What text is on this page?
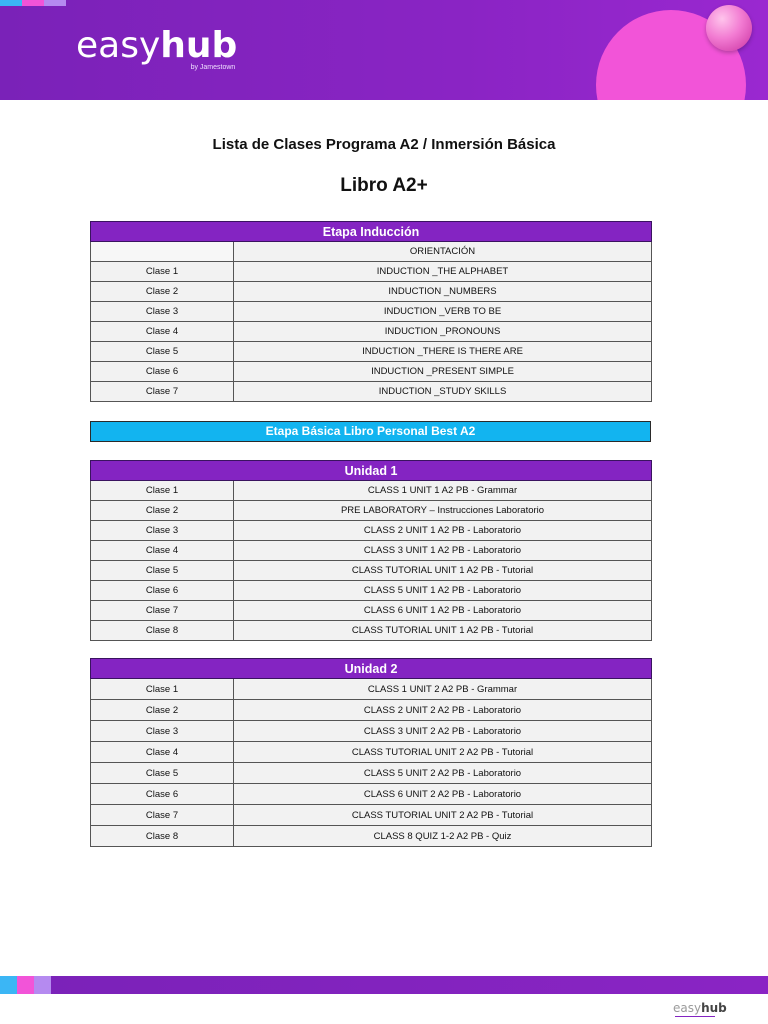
easyhub
by Jamestown
Lista de Clases Programa A2 / Inmersión Básica
Libro A2+
Etapa Inducción	
	ORIENTACIÓN
Clase 1	INDUCTION _THE ALPHABET
Clase 2	INDUCTION _NUMBERS
Clase 3	INDUCTION _VERB TO BE
Clase 4	INDUCTION _PRONOUNS
Clase 5	INDUCTION _THERE IS THERE ARE
Clase 6	INDUCTION _PRESENT SIMPLE
Clase 7	INDUCTION _STUDY SKILLS
Etapa Básica Libro Personal Best A2
Unidad 1	
Clase 1	CLASS 1 UNIT 1 A2 PB - Grammar
Clase 2	PRE LABORATORY – Instrucciones Laboratorio
Clase 3	CLASS 2 UNIT 1 A2 PB - Laboratorio
Clase 4	CLASS 3 UNIT 1 A2 PB - Laboratorio
Clase 5	CLASS TUTORIAL UNIT 1 A2 PB - Tutorial
Clase 6	CLASS 5 UNIT 1 A2 PB - Laboratorio
Clase 7	CLASS 6 UNIT 1 A2 PB - Laboratorio
Clase 8	CLASS TUTORIAL UNIT 1 A2 PB - Tutorial
Unidad 2	
Clase 1	CLASS 1 UNIT 2 A2 PB - Grammar
Clase 2	CLASS 2 UNIT 2 A2 PB - Laboratorio
Clase 3	CLASS 3 UNIT 2 A2 PB - Laboratorio
Clase 4	CLASS TUTORIAL UNIT 2 A2 PB - Tutorial
Clase 5	CLASS 5 UNIT 2 A2 PB - Laboratorio
Clase 6	CLASS 6 UNIT 2 A2 PB - Laboratorio
Clase 7	CLASS TUTORIAL UNIT 2 A2 PB - Tutorial
Clase 8	CLASS 8 QUIZ 1-2 A2 PB - Quiz
easyhub
